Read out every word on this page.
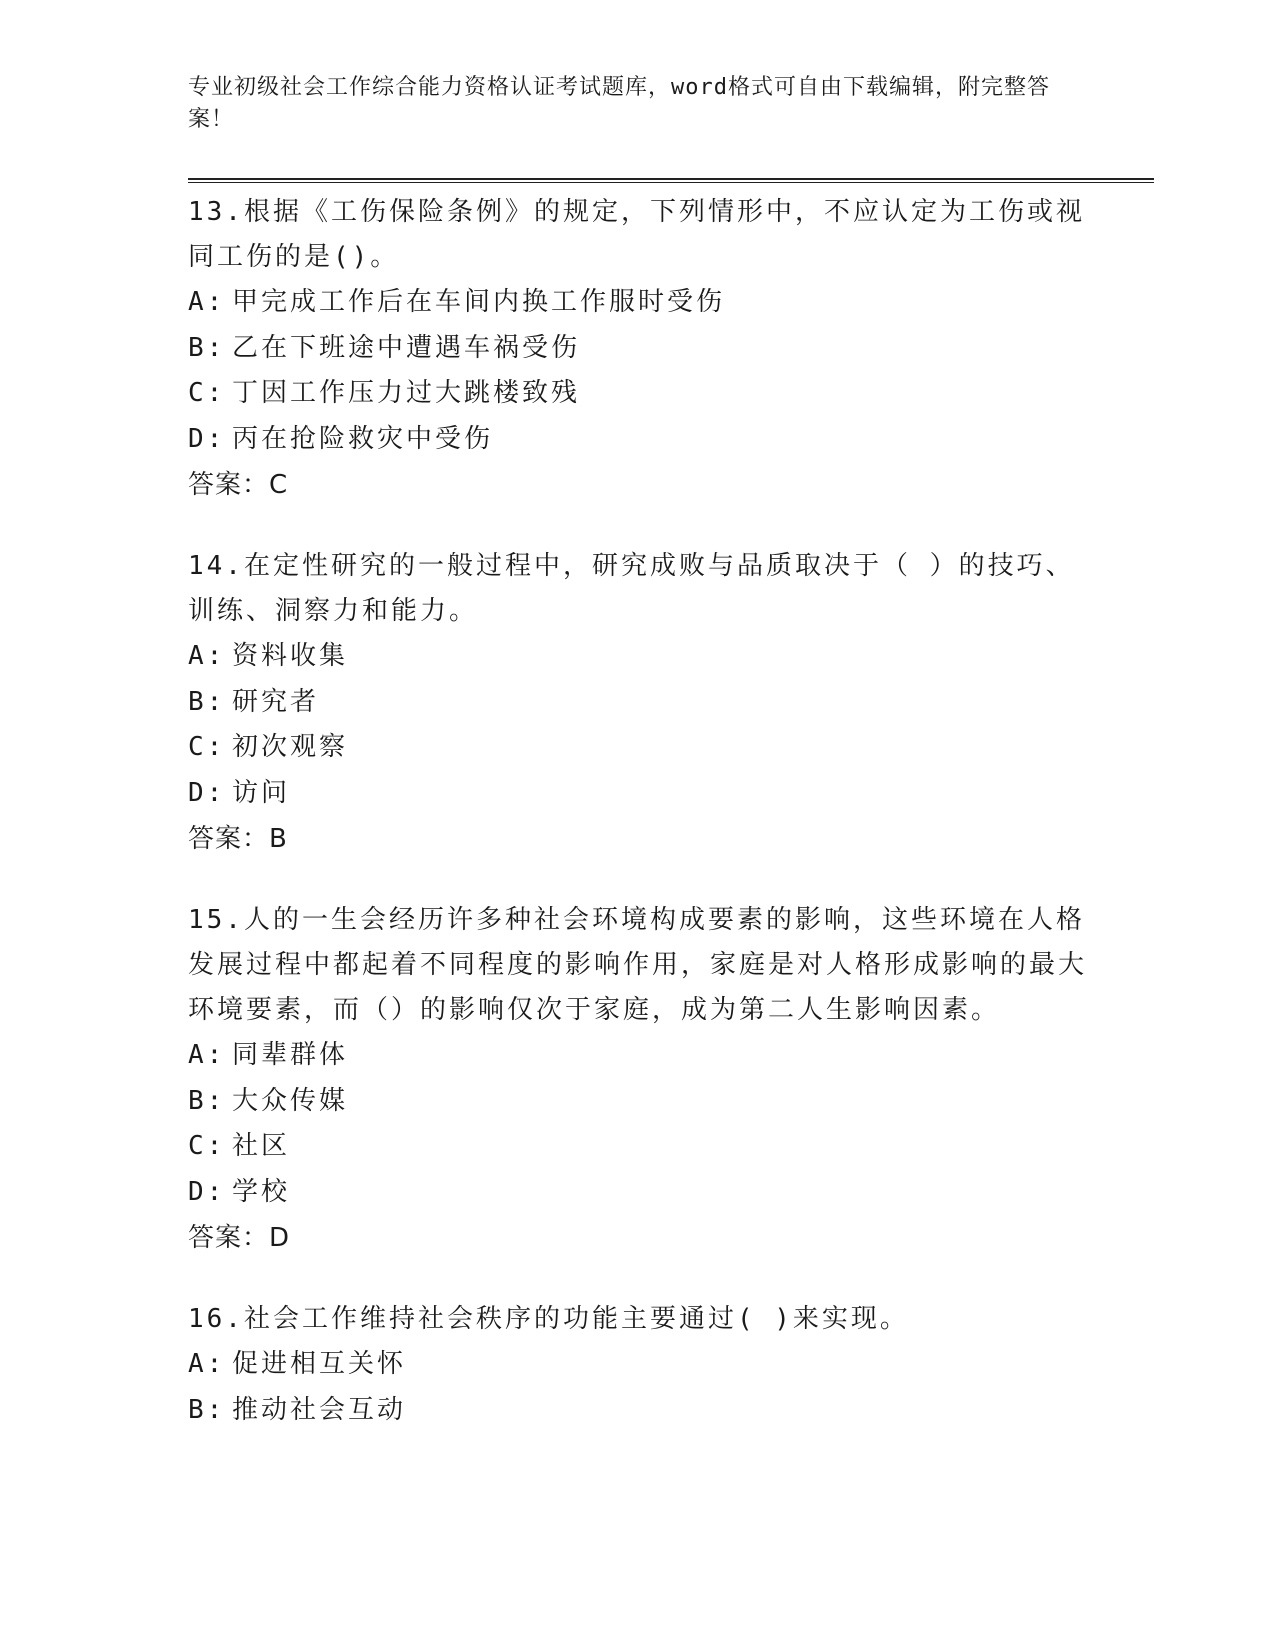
专业初级社会工作综合能力资格认证考试题库，word格式可自由下载编辑，附完整答案！

13.根据《工伤保险条例》的规定，下列情形中，不应认定为工伤或视同工伤的是()。

A: 甲完成工作后在车间内换工作服时受伤
B: 乙在下班途中遭遇车祸受伤
C: 丁因工作压力过大跳楼致残
D: 丙在抢险救灾中受伤
答案：C

14.在定性研究的一般过程中，研究成败与品质取决于（ ）的技巧、训练、洞察力和能力。

A: 资料收集
B: 研究者
C: 初次观察
D: 访问
答案：B

15.人的一生会经历许多种社会环境构成要素的影响，这些环境在人格发展过程中都起着不同程度的影响作用，家庭是对人格形成影响的最大环境要素，而（）的影响仅次于家庭，成为第二人生影响因素。

A: 同辈群体
B: 大众传媒
C: 社区
D: 学校
答案：D

16.社会工作维持社会秩序的功能主要通过( )来实现。

A: 促进相互关怀
B: 推动社会互动
